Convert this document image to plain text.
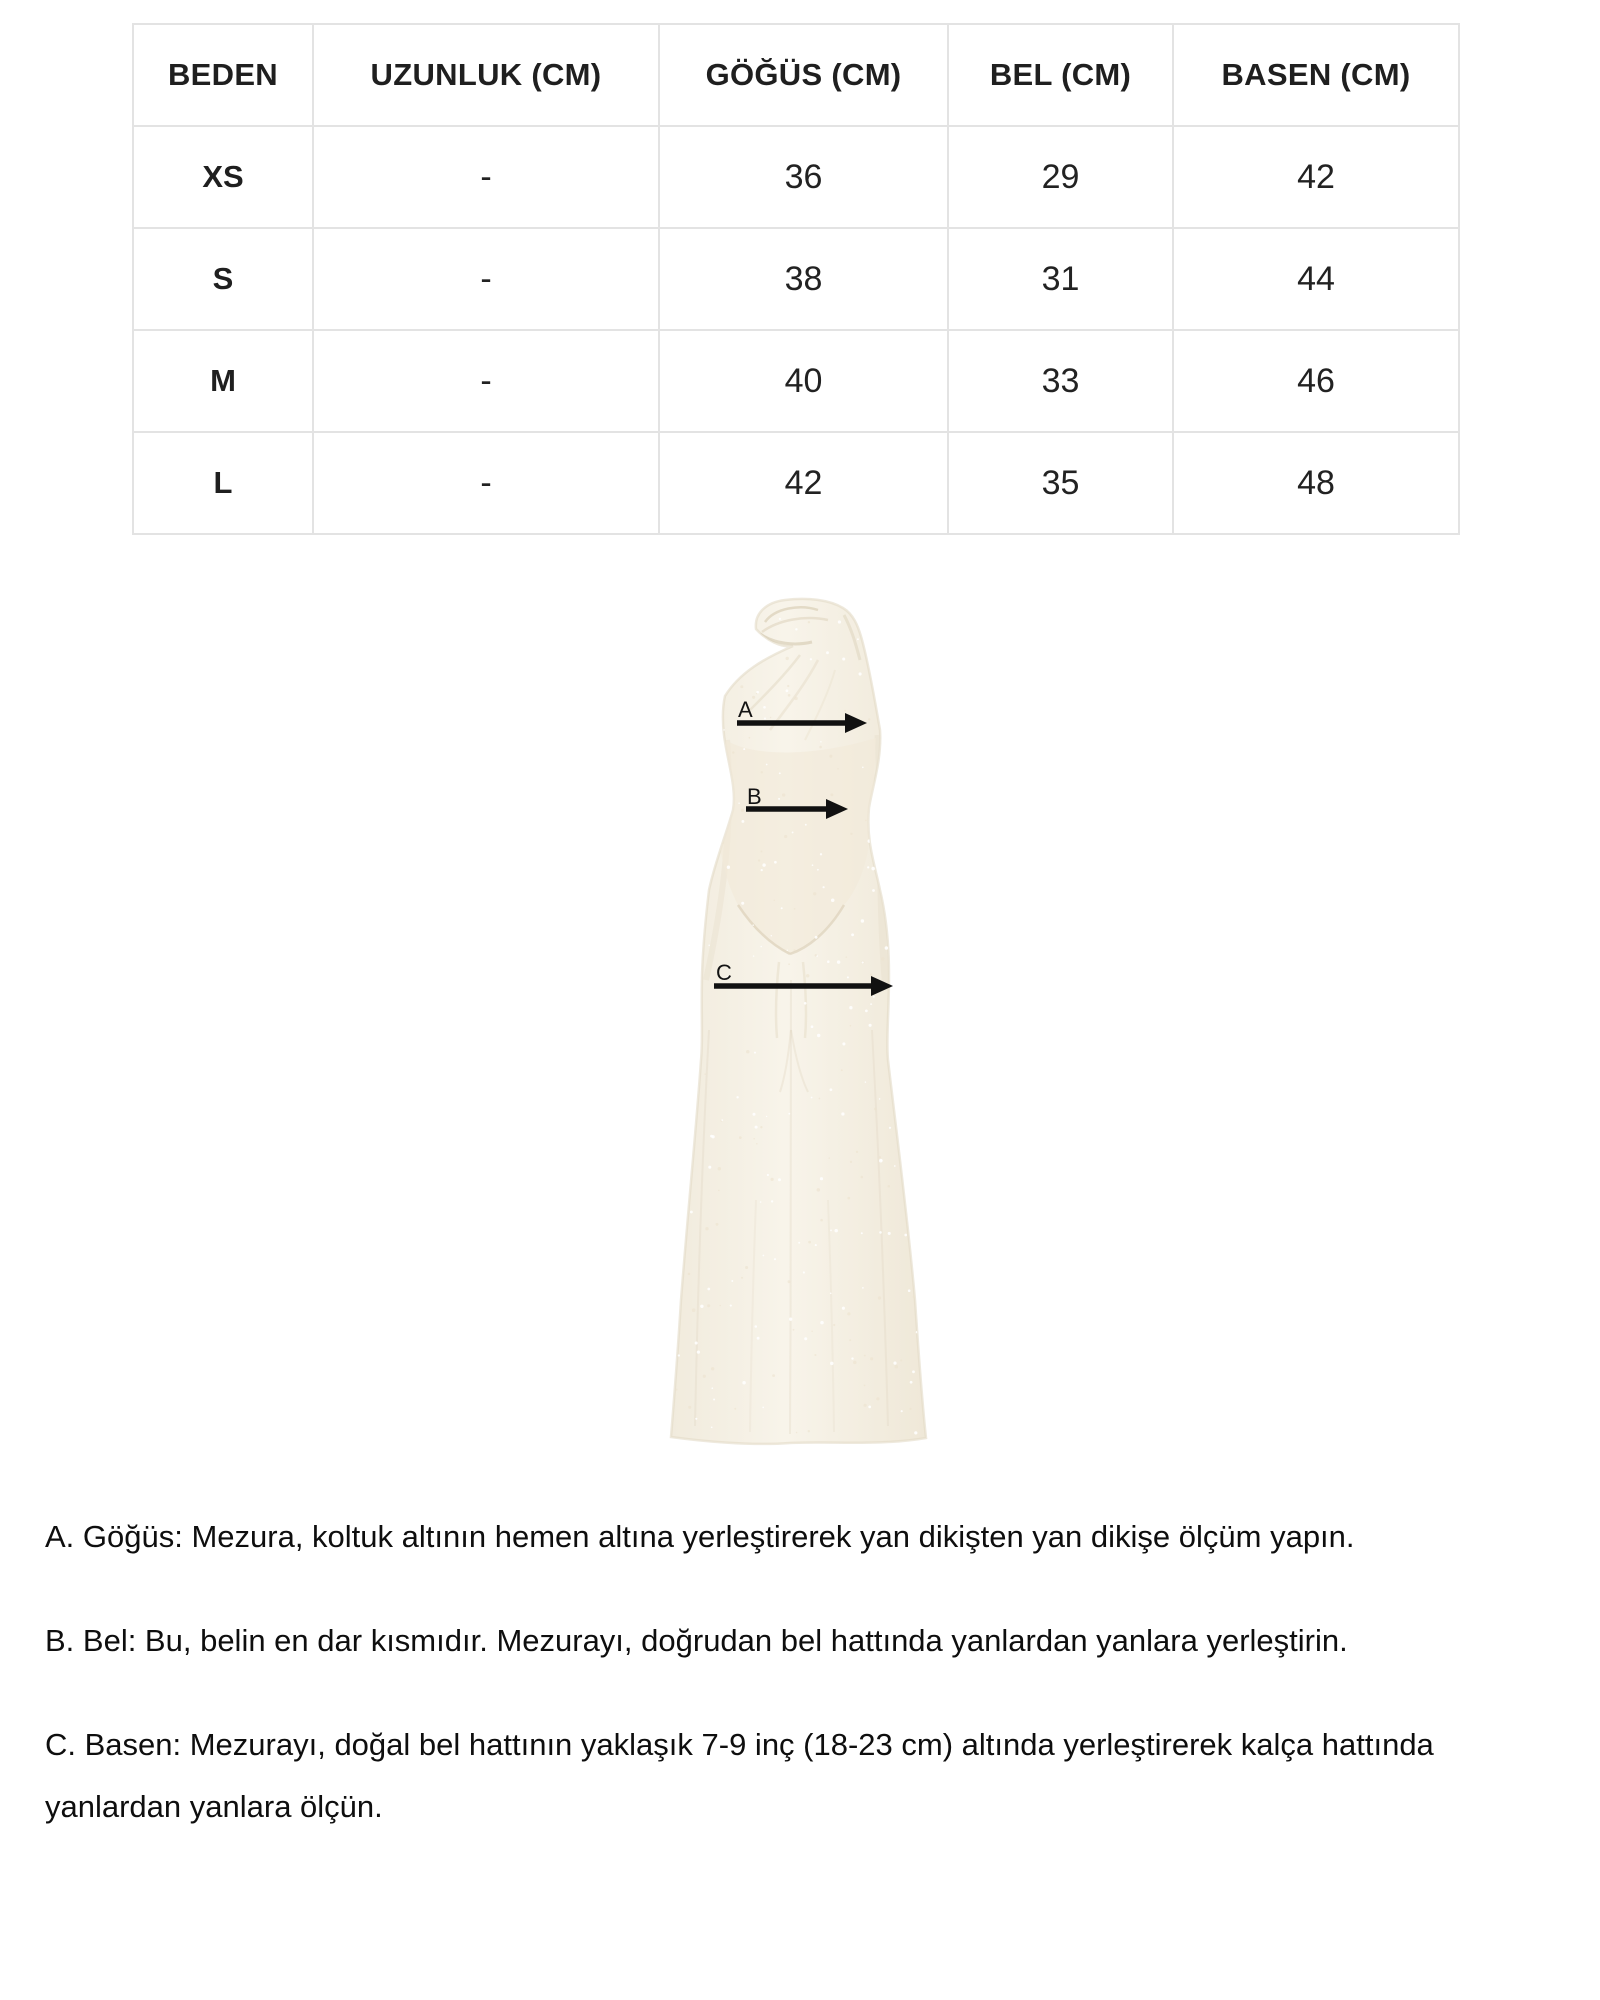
BEDEN	UZUNLUK (CM)	GÖĞÜS (CM)	BEL (CM)	BASEN (CM)
XS	-	36	29	42
S	-	38	31	44
M	-	40	33	46
L	-	42	35	48
A
B
C

A. Göğüs: Mezura, koltuk altının hemen altına yerleştirerek yan dikişten yan dikişe ölçüm yapın.

B. Bel: Bu, belin en dar kısmıdır. Mezurayı, doğrudan bel hattında yanlardan yanlara yerleştirin.

C. Basen: Mezurayı, doğal bel hattının yaklaşık 7-9 inç (18-23 cm) altında yerleştirerek kalça hattında yanlardan yanlara ölçün.
